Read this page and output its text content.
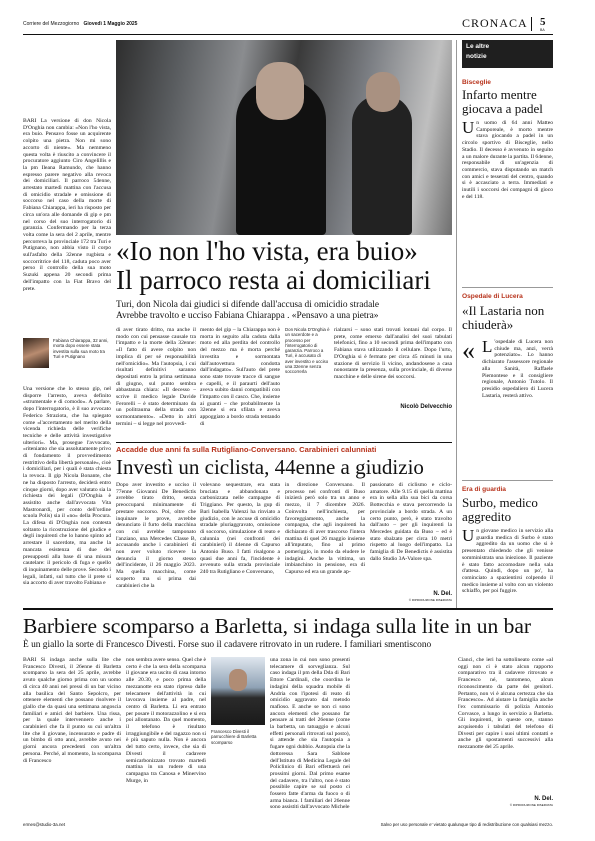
Corriere del Mezzogiorno Giovedì 1 Maggio 2025	CRONACA 5
BA
Le altre
notizie
Bisceglie
Infarto mentre giocava a padel
Un uomo di 64 anni Matteo Camporeale, è morto mentre stava giocando a padel in un circolo sportivo di Bisceglie, nello Stadio. Il decesso è avvenuto in seguito a un malore durante la partita. Il 64enne, responsabile di un'agenzia di commercio, stava disputando un match con amici e tesserati del centro, quando si è accasciato a terra. Immediati e inutili i soccorsi dei compagni di gioco e del 118.
Ospedale di Lucera
«Il Lastaria non chiuderà»
« L 'ospedale di Lucera non chiude ma, anzi, verrà potenziato». Lo hanno dichiarato l'assessore regionale alla Sanità, Raffaele Piemontese e il consigliere regionale, Antonio Tutolo. Il presidio ospedaliero di Lucera Lastaria, resterà attivo.
Era di guardia
Surbo, medico aggredito
Un giovane medico in servizio alla guardia medica di Surbo è stato aggredito da un uomo che si è presentato chiedendo che gli venisse somministrata una iniezione. Il paziente è stato fatto accomodare nella sala d'attesa. Quindi, dopo un po', ha cominciato a spazientirsi colpendo il medico insieme al volto con un violento schiaffo, per poi fuggire.
BARI La versione di don Nicola D'Onghia non cambia: «Non l'ho vista, era buio. Pensavo fosse un acquirente colpito una pietra. Non mi sono accorto di niente». Ma nemmeno questa volta è riuscito a convincere il procuratore aggiunto Ciro Angelillis e la pm Ileana Ramundo, che hanno espresso parere negativo alla revoca dei domiciliari. Il parroco 54enne, arrestato martedì mattina con l'accusa di omicidio stradale e omissione di soccorso nel caso della morte di Fabiana Chiarappa, ieri ha risposto per circa un'ora alle domande di gip e pm nel corso del suo interrogatorio di garanzia. Confermando per la terza volta come la sera del 2 aprile, mentre percorreva la provinciale 172 tra Turi e Putignano, non abbia visto il corpo sull'asfalto della 32enne rugbista e soccorritrice del 118, caduta poco aver perso il controllo della sua moto Suzuki appena 20 secondi prima dell'impatto con la Fiat Bravo del prete.
Fabiana Chiarappa, 32 anni, morta dopo essere stata investita sulla sua moto tra Turi e Putignano
Una versione che lo stesso gip, nel disporre l'arresto, aveva definito «strumentale e di comodo». A parlare, dopo l'interrogatorio, è il suo avvocato Federico Straziota, che ha spiegato come «l'accertamento nel merito della vicenda richieda delle verifiche tecniche e delle attività investigative ulteriori». Ma, prosegue l'avvocato, «riteniamo che sia assolutamente privo di fondamento il provvedimento restrittivo della libertà personale», cioè i domiciliari, per i quali è stata chiesta la revoca. Il gip Nicola Bonante, che ne ha disposto l'arresto, deciderà entro cinque giorni, dopo aver valutato sia la richiesta dei legali (D'Onghia è assistito anche dall'avvocata Vita Mastronardi, per conto dell'ordine scuola Polis) sia il «no» della Procura. La difesa di D'Onghia non contesta soltanto la ricostruzione del giudice e degli inquirenti che lo hanno spinto ad arrestare il sacerdote, ma anche la mancata esistenza di due dei presupposti alla base di una misura cautelare: il pericolo di fuga e quello di inquinamento delle prove. Secondo i legali, infatti, sul tutto che il prete si sia accorto di aver travolto Fabiana e
«Io non l'ho vista, era buio»
Il parroco resta ai domiciliari
Turi, don Nicola dai giudici si difende dall'accusa di omicidio stradale
Avrebbe travolto e ucciso Fabiana Chiarappa . «Pensavo a una pietra»
di aver tirato dritto, ma anche il modo con cui pensasse causale tra l'impatto e la morte della 32enne: «Il fatto di avere colpito non implica di per sé responsabilità nell'omicidio». Ma l'autopsia, i cui risultati definitivi saranno depositati entro la prima settimana di giugno, sul punto sembra abbastanza chiara: «Il decesso – scrive il medico legale Davide Ferorelli – è stato determinato da un politrauma della strada con sormontamento». «Detto in altri termini – si legge nel provvedi-
mento del gip – la Chiarappa non è morta in seguito alla caduta dalla moto ed alla perdita del controllo del mezzo ma è morta perché investita e sormontata dall'autovettura condotta dall'indagato». Sull'auto del prete sono state trovate tracce di sangue e capelli, e il paraurti dell'auto aveva subito danni compatibili con l'impatto con il casco. Che, insieme ai guanti – che probabilmente la 32enne si era sfilata e aveva appoggiato a bordo strada tentando di
Don Nicola D'Onghia è un sacerdote e a processo per l'interrogatorio di garanzia. Parroco a Turi, è accusato di aver investito e ucciso una 32enne senza soccorrerla
rialzarsi – sono stati trovati lontani dal corpo. Il prete, come emerso dall'analisi del suoi tabulati telefonici, fino a 10 secondi prima dell'impatto con Fabiana stava utilizzando il cellulare. Dopo l'urto, D'Onghia si è fermato per circa 45 minuti in una stazione di servizio lì vicino, andandosene a casa nonostante la presenza, sulla provinciale, di diverse macchine e delle sirene dei soccorsi.
Nicolò Delvecchio
Accadde due anni fa sulla Rutigliano-Conversano. Carabinieri calunniati
Investì un ciclista, 44enne a giudizio
Dopo aver investito e ucciso il 77enne Giovanni De Benedictis avrebbe tirato dritto, senza preoccuparsi minimamente di prestare soccorso. Poi, oltre che inquinare le prove, avrebbe denunciato il furto della macchina con cui avrebbe tamponato l'anziano, una Mercedes Classe B, accusando anche i carabinieri di non aver voluto ricevere la denuncia il giorno stesso dell'incidente, il 26 maggio 2023. Ma quella macchina, come scoperto ma si prima dai carabinieri che la
volevano sequestrare, era stata bruciata e abbandonata e carbonizzata nelle campagne di Triggiano. Per questo, la gup di Bari Isabella Valenzi ha rinviato a giudizio, con le accuse di omicidio stradale pluriaggravato, omissione di soccorso, simulazione di reato e calunnia (nei confronti dei carabinieri) il 44enne di Capurso Antonio Buso. I fatti risalgono a quasi due anni fa, l'incidente è avvenuto sulla strada provinciale 240 tra Rutigliano e Conversano,
in direzione Conversano. Il processo nei confronti di Buso inizierà però solo tra un anno e mezzo, il 7 dicembre 2026. Coinvolta nell'inchiesta, per favoreggiamento, anche la compagna, che agli inquirenti ha dichiarato di aver trascorso l'intera mattina di quel 26 maggio insieme all'imputato, fino al primo pomeriggio, in modo da eludere le indagini. Anche la vittima, un imbianchino in pensione, era di Capurso ed era un grande ap-
passionato di ciclismo e ciclo-amatore. Alle 9.15 di quella mattina era in sella alla sua bici da corsa Bottecchia e stava percorrendo la provinciale a bordo strada. A un certo punto, però, è stato travolto dall'auto – per gli inquirenti la Mercedes guidata da Buso – ed è stato sbalzato per circa 10 metri rispetto al luogo dell'impatto. La famiglia di De Benedictis è assistita dallo Studio 3A-Valore spa.
N. Del.
© RIPRODUZIONE RISERVATA
Barbiere scomparso a Barletta, si indaga sulla lite in un bar
È un giallo la sorte di Francesco Divesti. Forse suo il cadavere ritrovato in un rudere. I familiari smentiscono
BARI Si indaga anche sulla lite che Francesco Divesti, il 26enne di Barletta scomparso la sera del 25 aprile, avrebbe avuto qualche giorno prima con un uomo di circa 40 anni nei pressi di un bar vicino alla basilica del Santo Sepolcro, per ottenere elementi che possano risolvere il giallo che da quasi una settimana angoscia familiari e amici del barbiere. Una rissa, per la quale intervennero anche i carabinieri che fa il punto su cui un'altra lite che il giovane, incensurato e padre di un bimbo di otto anni, avrebbe avuto nei giorni ancora precedenti con un'altra persona. Perché, al momento, la scomparsa di Francesco
non sembra avere senso. Quel che è certo è che la sera della scomparsa il giovane era uscito di casa intorno alle 20.30, e poco prima della mezzanotte era stato ripreso dalle telecamere dell'attività in cui lavorava insieme al padre, nel centro di Barletta. Lì era entrato per posare il motorazzolino e si era poi allontanato. Da quel momento, il telefono è risultato irraggiungibile e del ragazzo non si è più saputo nulla. Non è ancora del tutto certo, invece, che sia di Divesti il cadavere semicarbonizzato trovato martedì mattina in un rudere di una campagna tra Canosa e Minervino Murge, in
Francesco Divesti il parrucchiere di Barletta scomparso
una zona in cui non sono presenti telecamere di sorveglianza. Sul caso indaga il pm della Dda di Bari Ettore Cardinali, che coordina le indagini della squadra mobile di Andria con l'ipotesi di reato di omicidio aggravato dal metodo mafioso. E anche se non ci sono ancora elementi che possano far pensare ai tratti del 26enne (come la barbetta, un tatuaggio e alcuni effetti personali ritrovati sul posto), si attende che sia l'autopsia a fugare ogni dubbio. Autopsia che la dottoressa Sara Sablone dell'Istituto di Medicina Legale del Policlinico di Bari effettuerà nei prossimi giorni. Dal primo esame del cadavere, tra l'altro, non è stato possibile capire se sul posto ci fossero fatte d'arma da fuoco o di arma bianca. I familiari del 26enne sono assistiti dall'avvocato Michele
Cianci, che ieri ha sottolineato come «al oggi non ci è stato alcun rapporto comparativo tra il cadavere ritrovato e Francesco né, tantomeno, alcun riconoscimento da parte dei genitori. Pertanto, non vi è alcuna certezza che sia Francesco». Ad aiutare la famiglia anche l'ex commissario di polizia Antonio Corvasce, a lungo in servizio a Barletta. Gli inquirenti, in queste ore, stanno acquisendo i tabulati del telefono di Divesti per capire i suoi ultimi contatti e anche gli spostamenti successivi alla mezzanotte del 25 aprile.
N. Del.
© RIPRODUZIONE RISERVATA
ermes@studio-3a.net	Salvo per uso personale e' vietato qualunque tipo di redistribuzione con qualsiasi mezzo.
